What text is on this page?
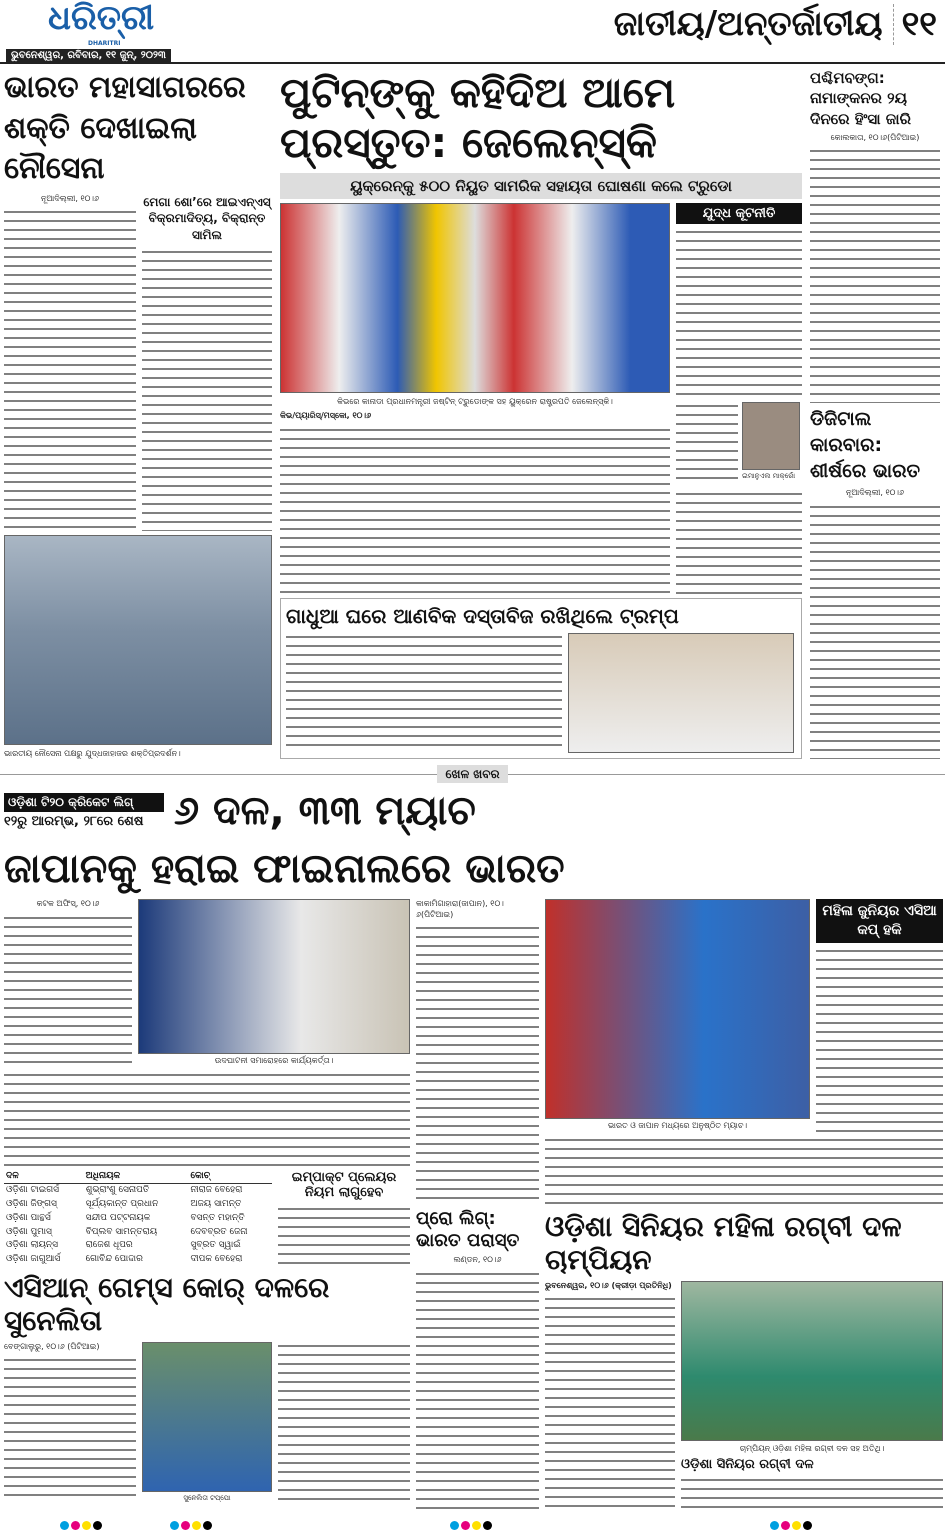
ଧରିତ୍ରୀ
DHARITRI
ଭୁବନେଶ୍ୱର, ରବିବାର, ୧୧ ଜୁନ୍, ୨୦୨୩
ଜାତୀୟ/ଅନ୍ତର୍ଜାତୀୟ ୧୧
ଭାରତ ମହାସାଗରରେ ଶକ୍ତି ଦେଖାଇଲା ନୌସେନା
ନୂଆଦିଲ୍ଲୀ, ୧୦।୬	ମେଗା ଶୋ’ରେ ଆଇଏନ୍‌ଏସ୍ ବିକ୍ରମାଦିତ୍ୟ, ବିକ୍ରାନ୍ତ ସାମିଲ
ଭାରତୀୟ ନୌସେନା ପକ୍ଷରୁ ଯୁଦ୍ଧଜାହାଜର ଶକ୍ତିପ୍ରଦର୍ଶନ।
ପୁଟିନ୍‌ଙ୍କୁ କହିଦିଅ ଆମେ ପ୍ରସ୍ତୁତ: ଜେଲେନ୍‌ସ୍କି
ୟୁକ୍ରେନ୍‌କୁ ୫୦୦ ନିୟୁତ ସାମରିକ ସହାୟତା ଘୋଷଣା କଲେ ଟ୍ରୁଡୋ
କିଭରେ କାନାଡା ପ୍ରଧାନମନ୍ତ୍ରୀ ଜଷ୍ଟିନ୍ ଟ୍ରୁଡୋଙ୍କ ସହ ୟୁକ୍ରେନ ରାଷ୍ଟ୍ରପତି ଜେଲେନ୍‌ସ୍କି।
କିଭ/ପ୍ୟାରିସ୍/ମସ୍କୋ, ୧୦।୬
ଯୁଦ୍ଧ କୂଟନୀତି
ଇମାନୁଏଲ ମାକ୍ରୋଁ
ଗାଧୁଆ ଘରେ ଆଣବିକ ଦସ୍ତାବିଜ ରଖିଥିଲେ ଟ୍ରମ୍ପ
ପଶ୍ଚିମବଙ୍ଗ: ନାମାଙ୍କନର ୨ୟ ଦିନରେ ହିଂସା ଜାରି
କୋଲକାତା, ୧୦।୬(ପିଟିଆଇ)
ଡିଜିଟାଲ କାରବାର: ଶୀର୍ଷରେ ଭାରତ
ନୂଆଦିଲ୍ଲୀ, ୧୦।୬
ଖେଳ ଖବର
ଓଡ଼ିଶା ଟି୨୦ କ୍ରିକେଟ ଲିଗ୍
୧୨ରୁ ଆରମ୍ଭ, ୨୮ରେ ଶେଷ ୬ ଦଳ, ୩୩ ମ୍ୟାଚ
ଜାପାନକୁ ହରାଇ ଫାଇନାଲରେ ଭାରତ
କଟକ ଅଫିସ୍, ୧୦।୬
ଉଦଘାଟନୀ ସମାରୋହରେ କାର୍ଯ୍ୟକର୍ତ୍ତା।
ଦଳ	ଅଧିନାୟକ	କୋଚ୍
ଓଡ଼ିଶା ଟାଇଗର୍ସ	ଶୁଭ୍ରାଂଶୁ ସେନାପତି	ନୀରାଜ ବେହେରା
ଓଡ଼ିଶା ଜିଙ୍ଗସ୍	ସୂର୍ଯ୍ୟକାନ୍ତ ପ୍ରଧାନ	ଅଜୟ ସାମନ୍ତ
ଓଡ଼ିଶା ପାନ୍ଥର୍ସ	ସନ୍ଦୀପ ପଟ୍ଟନାୟକ	ବସନ୍ତ ମହାନ୍ତି
ଓଡ଼ିଶା ପୁମାସ୍	ବିପ୍ଲବ ସାମନ୍ତରାୟ	ଦେବବ୍ରତ ଜେନା
ଓଡ଼ିଶା ଲାୟନ୍ସ	ରାଜେଶ ଧୂପର	ସୁବ୍ରତ ସ୍ୱାଇଁ
ଓଡ଼ିଶା ଜାଗୁଆର୍ସ	ଗୋବିନ୍ଦ ପୋଦ୍ଦାର	ଦୀପକ ବେହେରା
ଇମ୍ପାକ୍ଟ ପ୍ଲେୟର ନିୟମ ଲାଗୁହେବ
ଏସିଆନ୍ ଗେମ୍ସ କୋର୍ ଦଳରେ ସୁନେଲିତା
ବେଙ୍ଗାଲୁରୁ, ୧୦।୬ (ପିଟିଆଇ)
ସୁନେଲିତା ଟପ୍ପୋ
କାକାମିଗାହାରା(ଜାପାନ), ୧୦।୬(ପିଟିଆଇ)
ପ୍ରୋ ଲିଗ୍: ଭାରତ ପରାସ୍ତ
ଲଣ୍ଡନ, ୧୦।୬
ଭାରତ ଓ ଜାପାନ ମଧ୍ୟରେ ଅନୁଷ୍ଠିତ ମ୍ୟାଚ।
ମହିଳା ଜୁନିୟର ଏସିଆ କପ୍ ହକି
ଓଡ଼ିଶା ସିନିୟର ମହିଳା ରଗ୍‌ବୀ ଦଳ ଚାମ୍ପିୟନ
ଭୁବନେଶ୍ୱର, ୧୦।୬ (କ୍ରୀଡ଼ା ପ୍ରତିନିଧି)
ଚାମ୍ପିୟନ୍ ଓଡ଼ିଶା ମହିଳା ରଗ୍‌ବୀ ଦଳ ସହ ଅତିଥି।
ଓଡ଼ିଶା ସିନିୟର ରଗ୍‌ବୀ ଦଳ
